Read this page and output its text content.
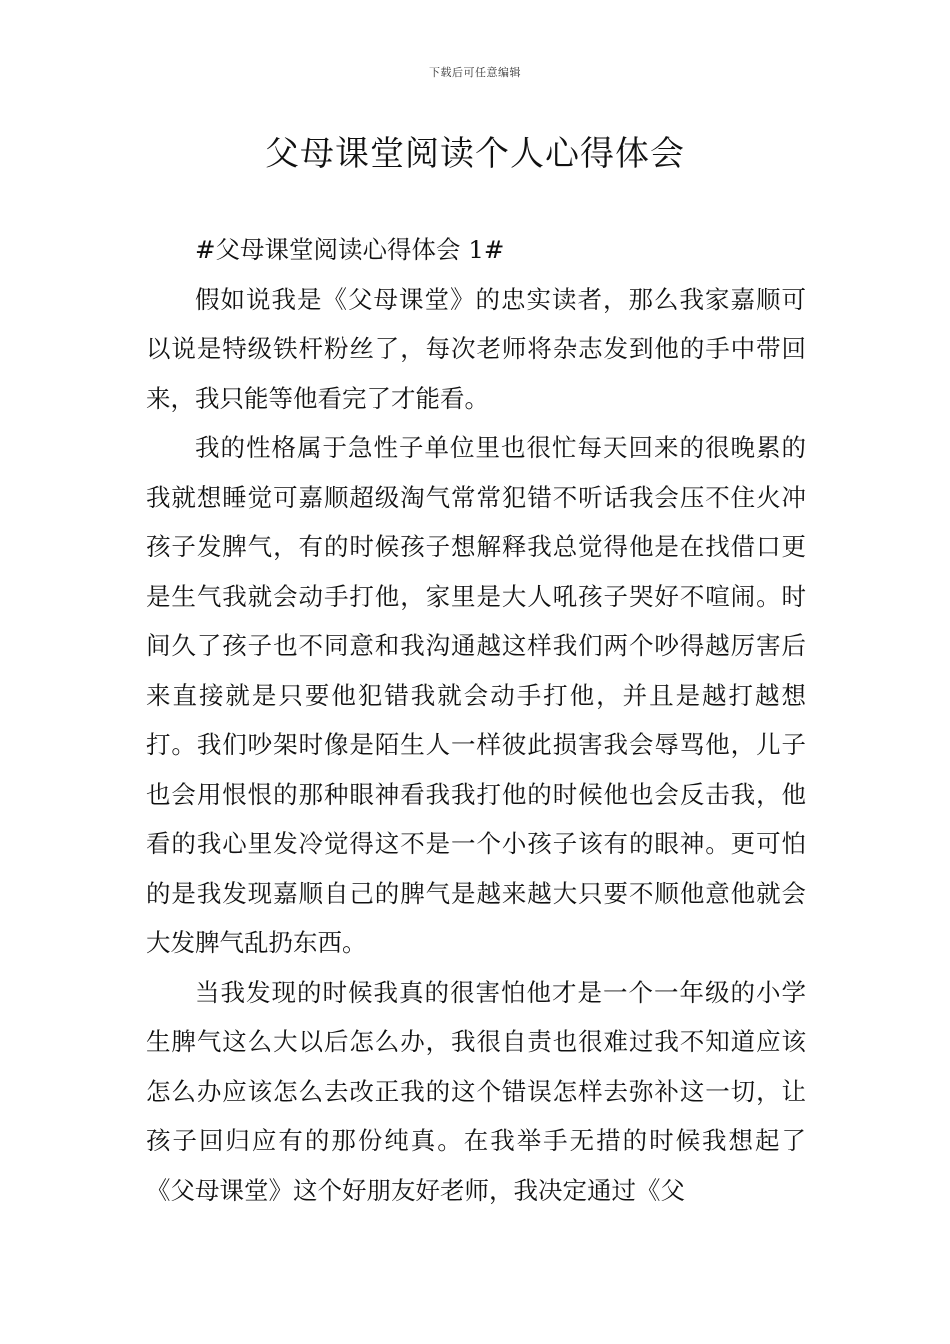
下载后可任意编辑
父母课堂阅读个人心得体会

#父母课堂阅读心得体会 1#

假如说我是《父母课堂》的忠实读者，那么我家嘉顺可以说是特级铁杆粉丝了，每次老师将杂志发到他的手中带回来，我只能等他看完了才能看。

我的性格属于急性子单位里也很忙每天回来的很晚累的我就想睡觉可嘉顺超级淘气常常犯错不听话我会压不住火冲孩子发脾气，有的时候孩子想解释我总觉得他是在找借口更是生气我就会动手打他，家里是大人吼孩子哭好不喧闹。时间久了孩子也不同意和我沟通越这样我们两个吵得越厉害后来直接就是只要他犯错我就会动手打他，并且是越打越想打。我们吵架时像是陌生人一样彼此损害我会辱骂他，儿子也会用恨恨的那种眼神看我我打他的时候他也会反击我，他看的我心里发冷觉得这不是一个小孩子该有的眼神。更可怕的是我发现嘉顺自己的脾气是越来越大只要不顺他意他就会大发脾气乱扔东西。

当我发现的时候我真的很害怕他才是一个一年级的小学生脾气这么大以后怎么办，我很自责也很难过我不知道应该怎么办应该怎么去改正我的这个错误怎样去弥补这一切，让孩子回归应有的那份纯真。在我举手无措的时候我想起了《父母课堂》这个好朋友好老师，我决定通过《父
